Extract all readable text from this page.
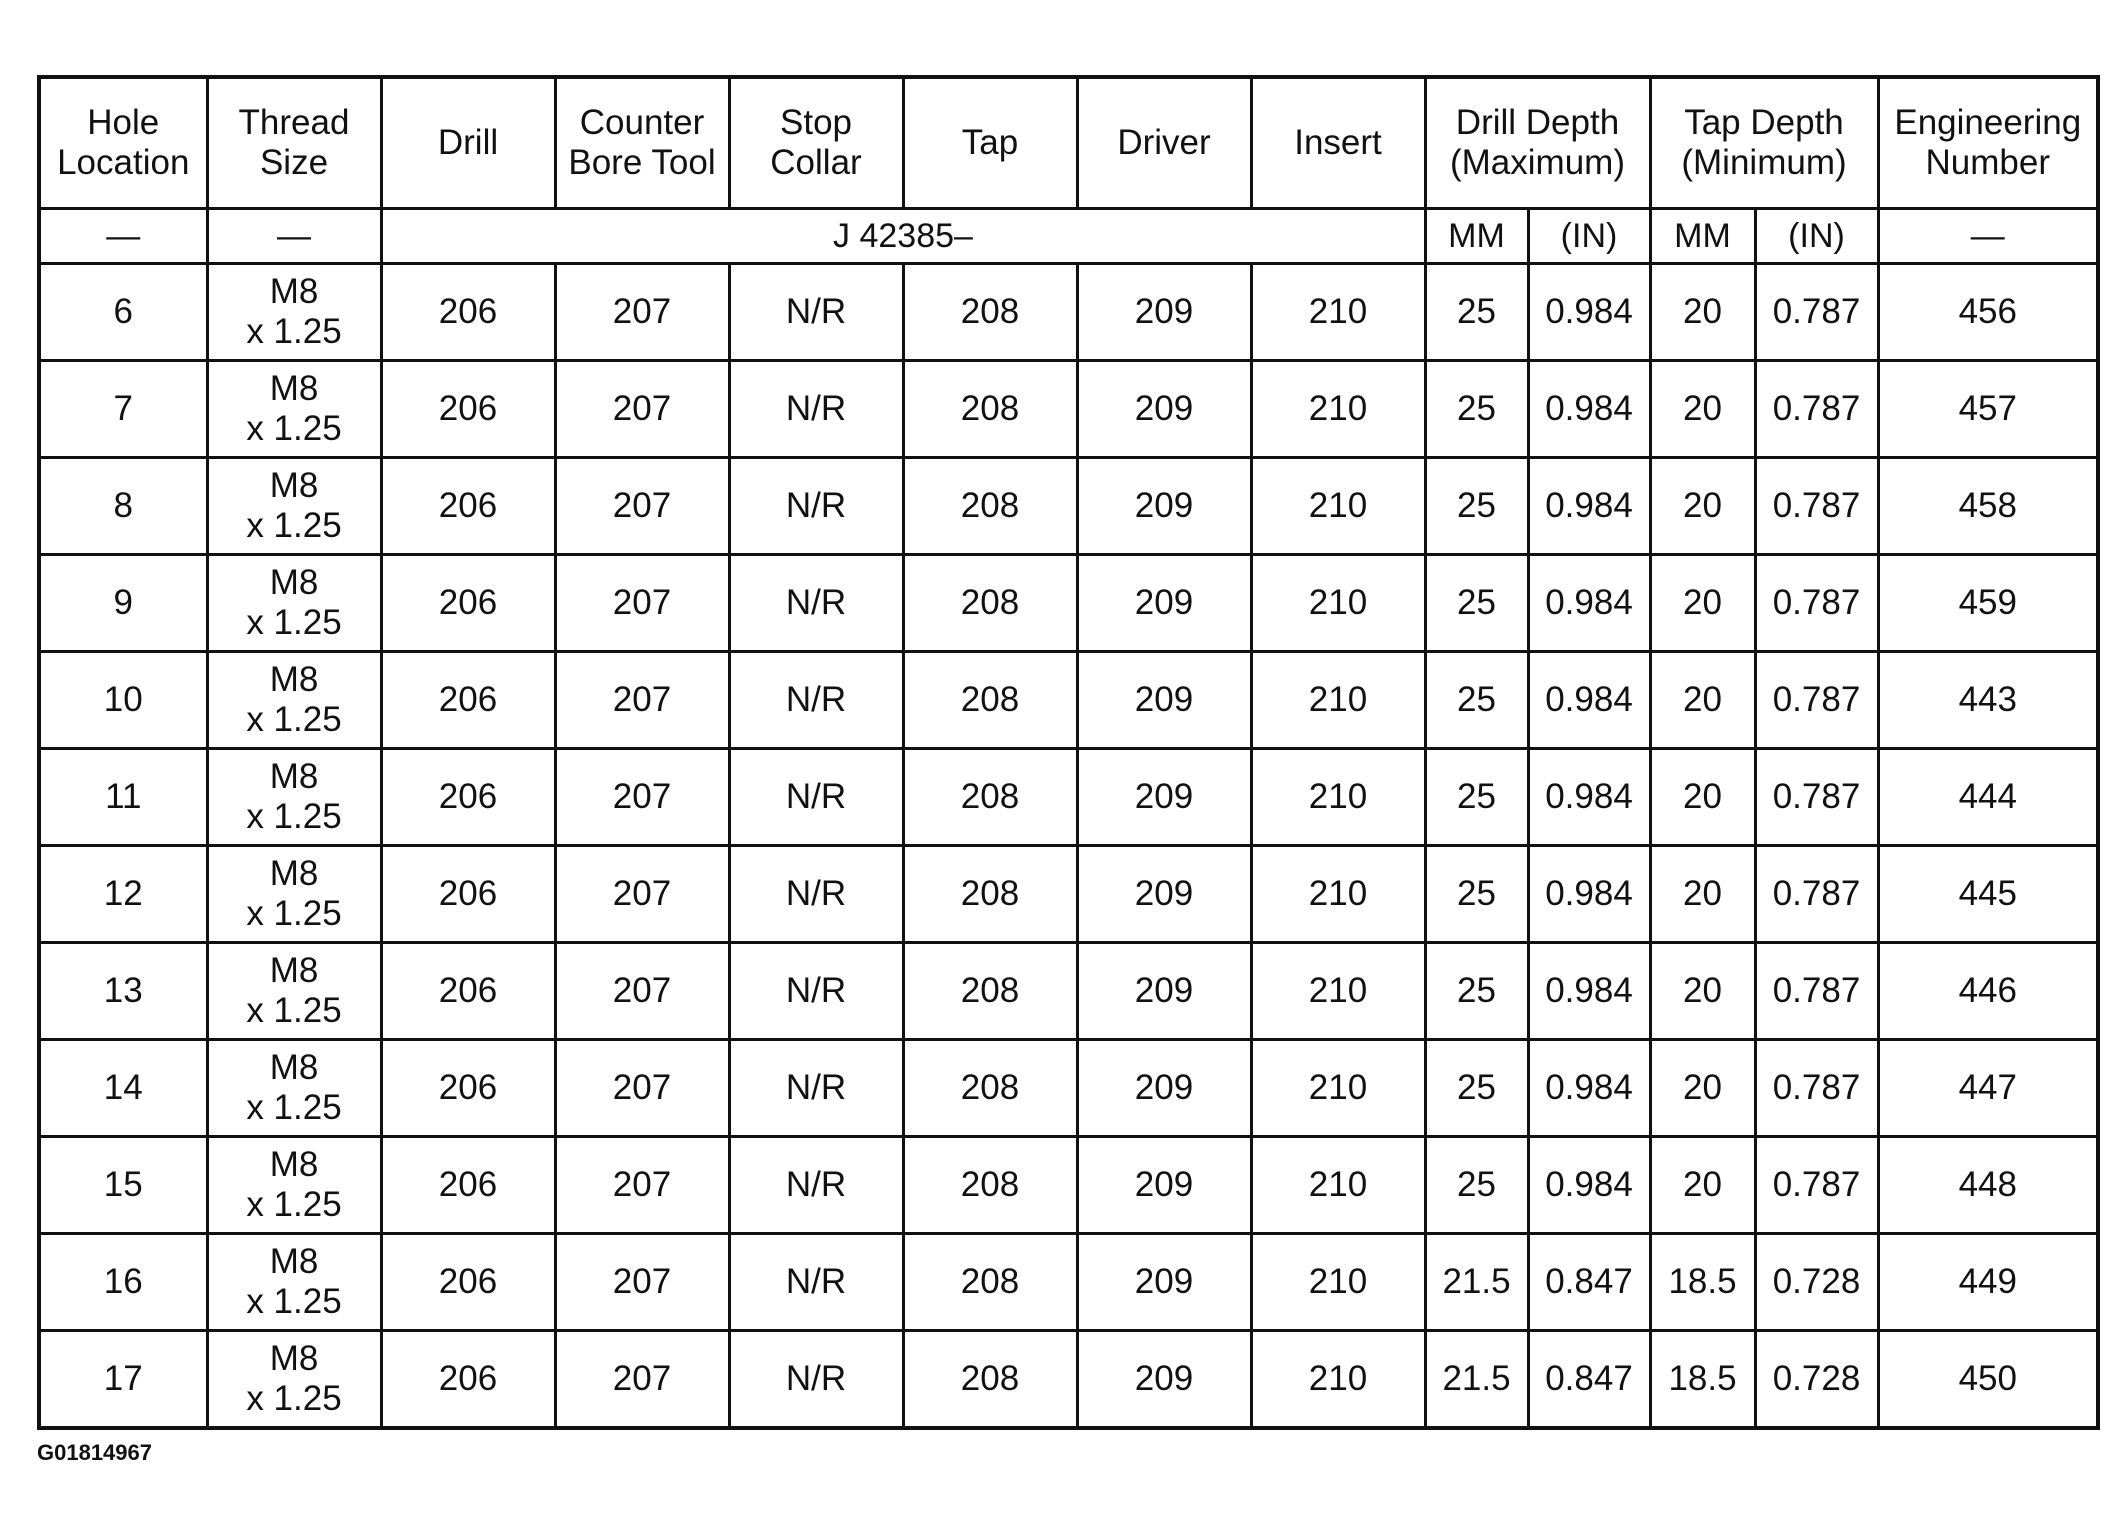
Hole Location	Thread Size	Drill	Counter Bore Tool	Stop Collar	Tap	Driver	Insert	Drill Depth (Maximum)		Tap Depth (Minimum)		Engineering Number
—	—	J 42385–						MM	(IN)	MM	(IN)	—
6	M8
x 1.25	206	207	N/R	208	209	210	25	0.984	20	0.787	456
7	M8
x 1.25	206	207	N/R	208	209	210	25	0.984	20	0.787	457
8	M8
x 1.25	206	207	N/R	208	209	210	25	0.984	20	0.787	458
9	M8
x 1.25	206	207	N/R	208	209	210	25	0.984	20	0.787	459
10	M8
x 1.25	206	207	N/R	208	209	210	25	0.984	20	0.787	443
11	M8
x 1.25	206	207	N/R	208	209	210	25	0.984	20	0.787	444
12	M8
x 1.25	206	207	N/R	208	209	210	25	0.984	20	0.787	445
13	M8
x 1.25	206	207	N/R	208	209	210	25	0.984	20	0.787	446
14	M8
x 1.25	206	207	N/R	208	209	210	25	0.984	20	0.787	447
15	M8
x 1.25	206	207	N/R	208	209	210	25	0.984	20	0.787	448
16	M8
x 1.25	206	207	N/R	208	209	210	21.5	0.847	18.5	0.728	449
17	M8
x 1.25	206	207	N/R	208	209	210	21.5	0.847	18.5	0.728	450
G01814967
